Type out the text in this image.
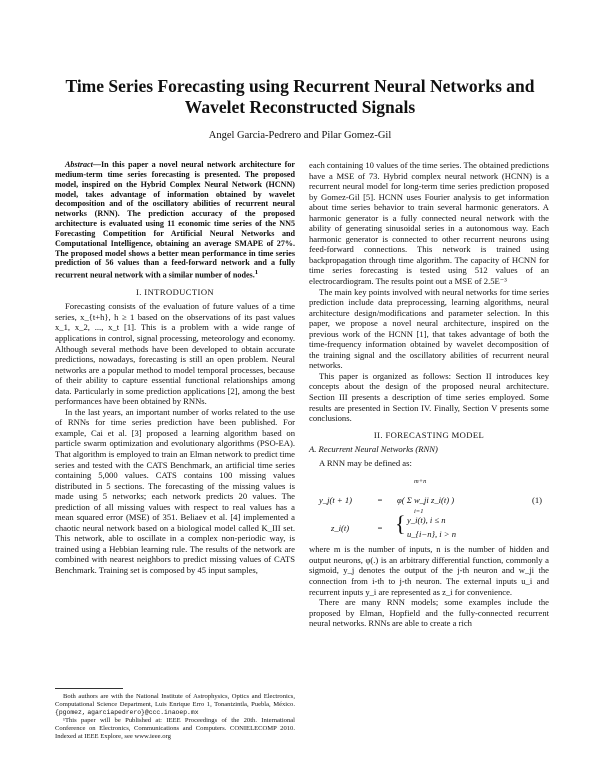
Time Series Forecasting using Recurrent Neural Networks and Wavelet Reconstructed Signals
Angel Garcia-Pedrero and Pilar Gomez-Gil
Abstract—In this paper a novel neural network architecture for medium-term time series forecasting is presented. The proposed model, inspired on the Hybrid Complex Neural Network (HCNN) model, takes advantage of information obtained by wavelet decomposition and of the oscillatory abilities of recurrent neural networks (RNN). The prediction accuracy of the proposed architecture is evaluated using 11 economic time series of the NN5 Forecasting Competition for Artificial Neural Networks and Computational Intelligence, obtaining an average SMAPE of 27%. The proposed model shows a better mean performance in time series prediction of 56 values than a feed-forward network and a fully recurrent neural network with a similar number of nodes.$^1$
I. INTRODUCTION

Forecasting consists of the evaluation of future values of a time series, x_{t+h}, h ≥ 1 based on the observations of its past values x_1, x_2, ..., x_t [1]. This is a problem with a wide range of applications in control, signal processing, meteorology and economy. Although several methods have been developed to obtain accurate predictions, nowadays, forecasting is still an open problem. Neural networks are a popular method to model temporal processes, because of their ability to capture essential functional relationships among data. Particularly in some prediction applications [2], among the best performances have been obtained by RNNs.

In the last years, an important number of works related to the use of RNNs for time series prediction have been published. For example, Cai et al. [3] proposed a learning algorithm based on particle swarm optimization and evolutionary algorithms (PSO-EA). That algorithm is employed to train an Elman network to predict time series and tested with the CATS Benchmark, an artificial time series containing 5,000 values. CATS contains 100 missing values distributed in 5 sections. The forecasting of the missing values is made using 5 networks; each network predicts 20 values. The prediction of all missing values with respect to real values has a mean squared error (MSE) of 351. Beliaev et al. [4] implemented a chaotic neural network based on a biological model called K_III set. This network, able to oscillate in a complex non-periodic way, is trained using a Hebbian learning rule. The results of the network are combined with nearest neighbors to predict missing values of CATS Benchmark. Training set is composed by 45 input samples,

Both authors are with the National Institute of Astrophysics, Optics and Electronics, Computational Science Department, Luis Enrique Erro 1, Tonantzintla, Puebla, México. {pgomez, agarciapedrero}@ccc.inaoep.mx

¹This paper will be Published at: IEEE Proceedings of the 20th. International Conference on Electronics, Communications and Computers. CONIELECOMP 2010. Indexed at IEEE Explore, see www.ieee.org

each containing 10 values of the time series. The obtained predictions have a MSE of 73. Hybrid complex neural network (HCNN) is a recurrent neural model for long-term time series prediction proposed by Gomez-Gil [5]. HCNN uses Fourier analysis to get information about time series behavior to train several harmonic generators. A harmonic generator is a fully connected neural network with the ability of generating sinusoidal series in a autonomous way. Each harmonic generator is connected to other recurrent neurons using feed-forward connections. This network is trained using backpropagation through time algorithm. The capacity of HCNN for time series forecasting is tested using 512 values of an electrocardiogram. The results point out a MSE of 2.5E⁻³

The main key points involved with neural networks for time series prediction include data preprocessing, learning algorithms, neural architecture design/modifications and parameter selection. In this paper, we propose a novel neural architecture, inspired on the previous work of the HCNN [1], that takes advantage of both the time-frequency information obtained by wavelet decomposition of the training signal and the oscillatory abilities of recurrent neural networks.

This paper is organized as follows: Section II introduces key concepts about the design of the proposed neural architecture. Section III presents a description of time series employed. Some results are presented in Section IV. Finally, Section V presents some conclusions.

II. FORECASTING MODEL
A. Recurrent Neural Networks (RNN)

A RNN may be defined as:

y_j(t + 1)	=
m+n
φ( Σ w_ji z_i(t) )
i=1
(1)
z_i(t)	= { y_i(t), i ≤ n
u_{i−n}, i > n

where m is the number of inputs, n is the number of hidden and output neurons, φ(.) is an arbitrary differential function, commonly a sigmoid, y_j denotes the output of the j-th neuron and w_ji the connection from i-th to j-th neuron. The external inputs u_i and recurrent inputs y_i are represented as z_i for convenience.

There are many RNN models; some examples include the proposed by Elman, Hopfield and the fully-connected recurrent neural networks. RNNs are able to create a rich
